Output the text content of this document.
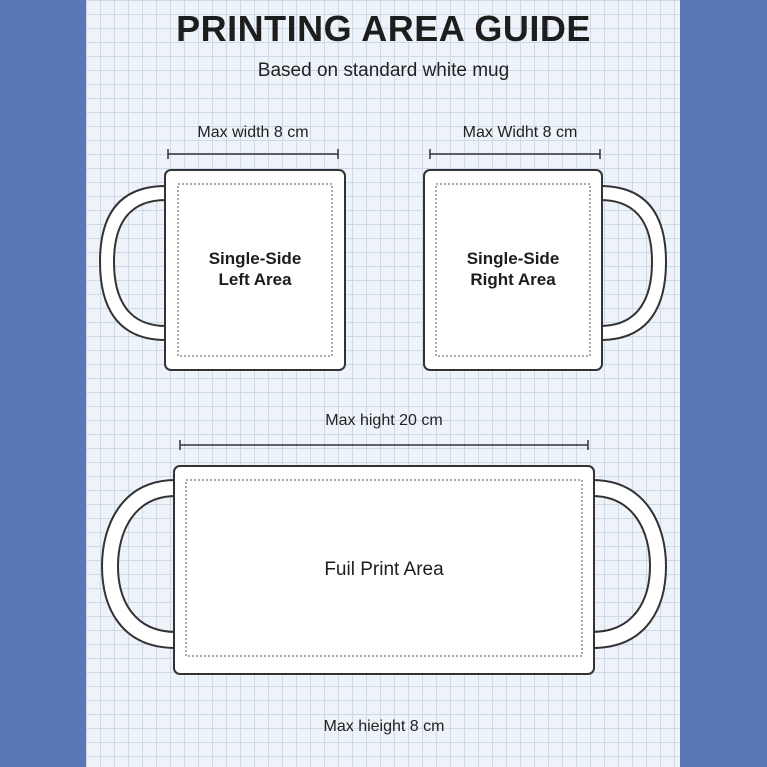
PRINTING AREA GUIDE
Based on standard white mug
Max width 8 cm	Max Widht 8 cm
Single-Side
Left Area
Single-Side
Right Area
Max hight 20 cm
Fuil Print Area
Max hieight 8 cm
